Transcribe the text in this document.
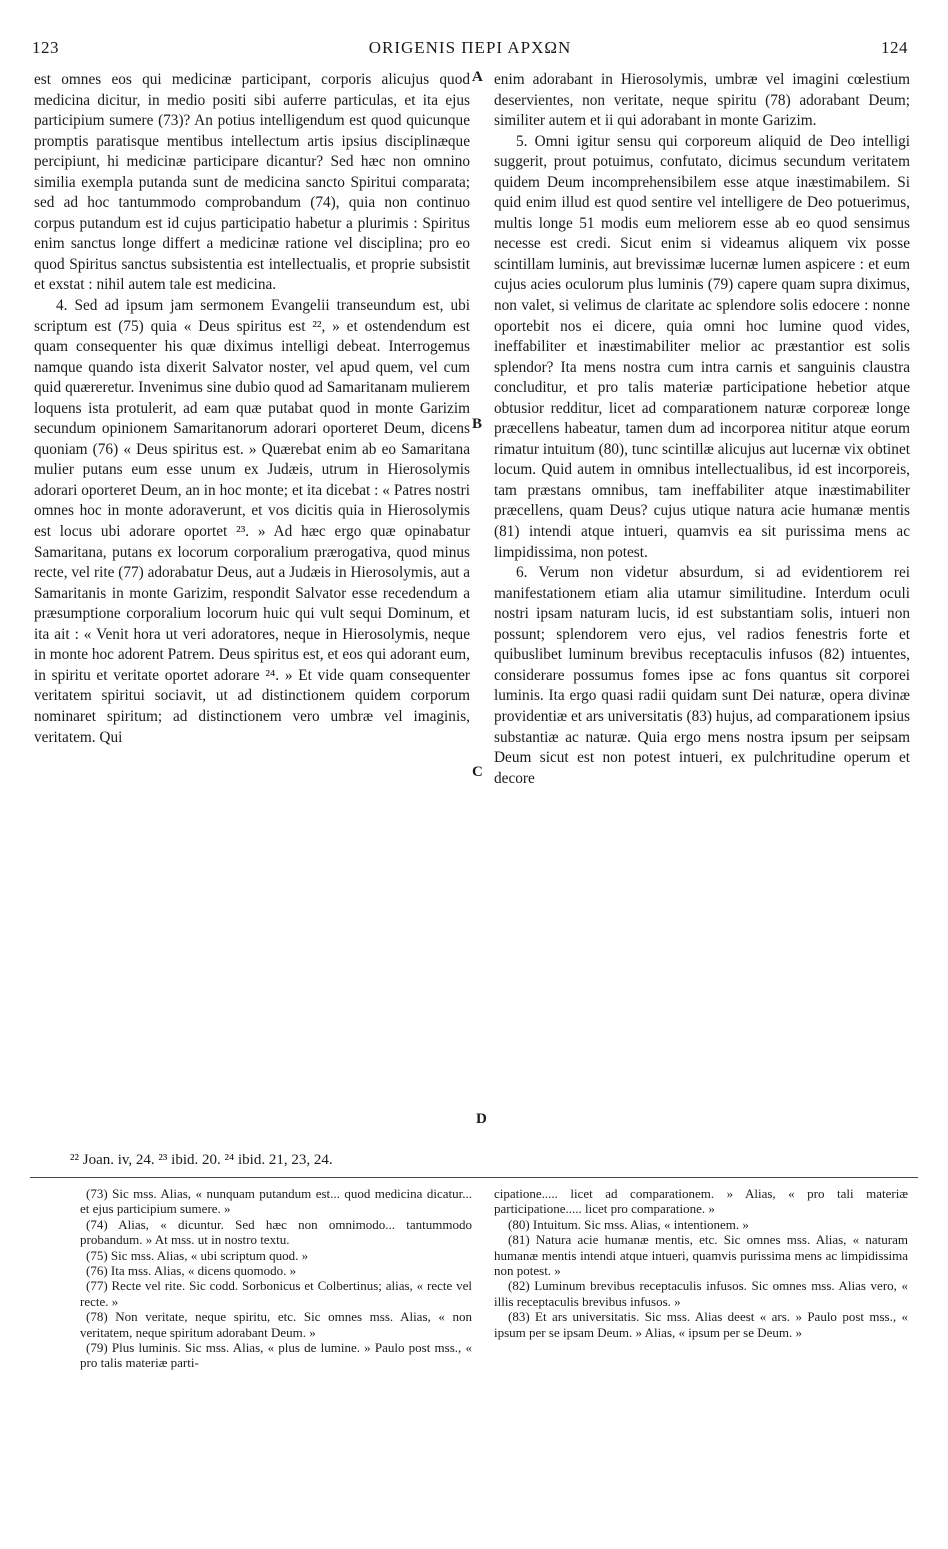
123	ORIGENIS ΠΕΡΙ ΑΡΧΩΝ	124
A
B
C
D

est omnes eos qui medicinæ participant, corporis alicujus quod medicina dicitur, in medio positi sibi auferre particulas, et ita ejus participium sumere (73)? An potius intelligendum est quod quicunque promptis paratisque mentibus intellectum artis ipsius disciplinæque percipiunt, hi medicinæ participare dicantur? Sed hæc non omnino similia exempla putanda sunt de medicina sancto Spiritui comparata; sed ad hoc tantummodo comprobandum (74), quia non continuo corpus putandum est id cujus participatio habetur a plurimis : Spiritus enim sanctus longe differt a medicinæ ratione vel disciplina; pro eo quod Spiritus sanctus subsistentia est intellectualis, et proprie subsistit et exstat : nihil autem tale est medicina.

4. Sed ad ipsum jam sermonem Evangelii transeundum est, ubi scriptum est (75) quia « Deus spiritus est ²², » et ostendendum est quam consequenter his quæ diximus intelligi debeat. Interrogemus namque quando ista dixerit Salvator noster, vel apud quem, vel cum quid quæreretur. Invenimus sine dubio quod ad Samaritanam mulierem loquens ista protulerit, ad eam quæ putabat quod in monte Garizim secundum opinionem Samaritanorum adorari oporteret Deum, dicens quoniam (76) « Deus spiritus est. » Quærebat enim ab eo Samaritana mulier putans eum esse unum ex Judæis, utrum in Hierosolymis adorari oporteret Deum, an in hoc monte; et ita dicebat : « Patres nostri omnes hoc in monte adoraverunt, et vos dicitis quia in Hierosolymis est locus ubi adorare oportet ²³. » Ad hæc ergo quæ opinabatur Samaritana, putans ex locorum corporalium prærogativa, quod minus recte, vel rite (77) adorabatur Deus, aut a Judæis in Hierosolymis, aut a Samaritanis in monte Garizim, respondit Salvator esse recedendum a præsumptione corporalium locorum huic qui vult sequi Dominum, et ita ait : « Venit hora ut veri adoratores, neque in Hierosolymis, neque in monte hoc adorent Patrem. Deus spiritus est, et eos qui adorant eum, in spiritu et veritate oportet adorare ²⁴. » Et vide quam consequenter veritatem spiritui sociavit, ut ad distinctionem quidem corporum nominaret spiritum; ad distinctionem vero umbræ vel imaginis, veritatem. Qui

enim adorabant in Hierosolymis, umbræ vel imagini cœlestium deservientes, non veritate, neque spiritu (78) adorabant Deum; similiter autem et ii qui adorabant in monte Garizim.

5. Omni igitur sensu qui corporeum aliquid de Deo intelligi suggerit, prout potuimus, confutato, dicimus secundum veritatem quidem Deum incomprehensibilem esse atque inæstimabilem. Si quid enim illud est quod sentire vel intelligere de Deo potuerimus, multis longe 51 modis eum meliorem esse ab eo quod sensimus necesse est credi. Sicut enim si videamus aliquem vix posse scintillam luminis, aut brevissimæ lucernæ lumen aspicere : et eum cujus acies oculorum plus luminis (79) capere quam supra diximus, non valet, si velimus de claritate ac splendore solis edocere : nonne oportebit nos ei dicere, quia omni hoc lumine quod vides, ineffabiliter et inæstimabiliter melior ac præstantior est solis splendor? Ita mens nostra cum intra carnis et sanguinis claustra concluditur, et pro talis materiæ participatione hebetior atque obtusior redditur, licet ad comparationem naturæ corporeæ longe præcellens habeatur, tamen dum ad incorporea nititur atque eorum rimatur intuitum (80), tunc scintillæ alicujus aut lucernæ vix obtinet locum. Quid autem in omnibus intellectualibus, id est incorporeis, tam præstans omnibus, tam ineffabiliter atque inæstimabiliter præcellens, quam Deus? cujus utique natura acie humanæ mentis (81) intendi atque intueri, quamvis ea sit purissima mens ac limpidissima, non potest.

6. Verum non videtur absurdum, si ad evidentiorem rei manifestationem etiam alia utamur similitudine. Interdum oculi nostri ipsam naturam lucis, id est substantiam solis, intueri non possunt; splendorem vero ejus, vel radios fenestris forte et quibuslibet luminum brevibus receptaculis infusos (82) intuentes, considerare possumus fomes ipse ac fons quantus sit corporei luminis. Ita ergo quasi radii quidam sunt Dei naturæ, opera divinæ providentiæ et ars universitatis (83) hujus, ad comparationem ipsius substantiæ ac naturæ. Quia ergo mens nostra ipsum per seipsam Deum sicut est non potest intueri, ex pulchritudine operum et decore

²² Joan. iv, 24. ²³ ibid. 20. ²⁴ ibid. 21, 23, 24.

(73) Sic mss. Alias, « nunquam putandum est... quod medicina dicatur... et ejus participium sumere. »

(74) Alias, « dicuntur. Sed hæc non omnimodo... tantummodo probandum. » At mss. ut in nostro textu.

(75) Sic mss. Alias, « ubi scriptum quod. »

(76) Ita mss. Alias, « dicens quomodo. »

(77) Recte vel rite. Sic codd. Sorbonicus et Colbertinus; alias, « recte vel recte. »

(78) Non veritate, neque spiritu, etc. Sic omnes mss. Alias, « non veritatem, neque spiritum adorabant Deum. »

(79) Plus luminis. Sic mss. Alias, « plus de lumine. » Paulo post mss., « pro talis materiæ parti-

cipatione..... licet ad comparationem. » Alias, « pro tali materiæ participatione..... licet pro comparatione. »

(80) Intuitum. Sic mss. Alias, « intentionem. »

(81) Natura acie humanæ mentis, etc. Sic omnes mss. Alias, « naturam humanæ mentis intendi atque intueri, quamvis purissima mens ac limpidissima non potest. »

(82) Luminum brevibus receptaculis infusos. Sic omnes mss. Alias vero, « illis receptaculis brevibus infusos. »

(83) Et ars universitatis. Sic mss. Alias deest « ars. » Paulo post mss., « ipsum per se ipsam Deum. » Alias, « ipsum per se Deum. »
